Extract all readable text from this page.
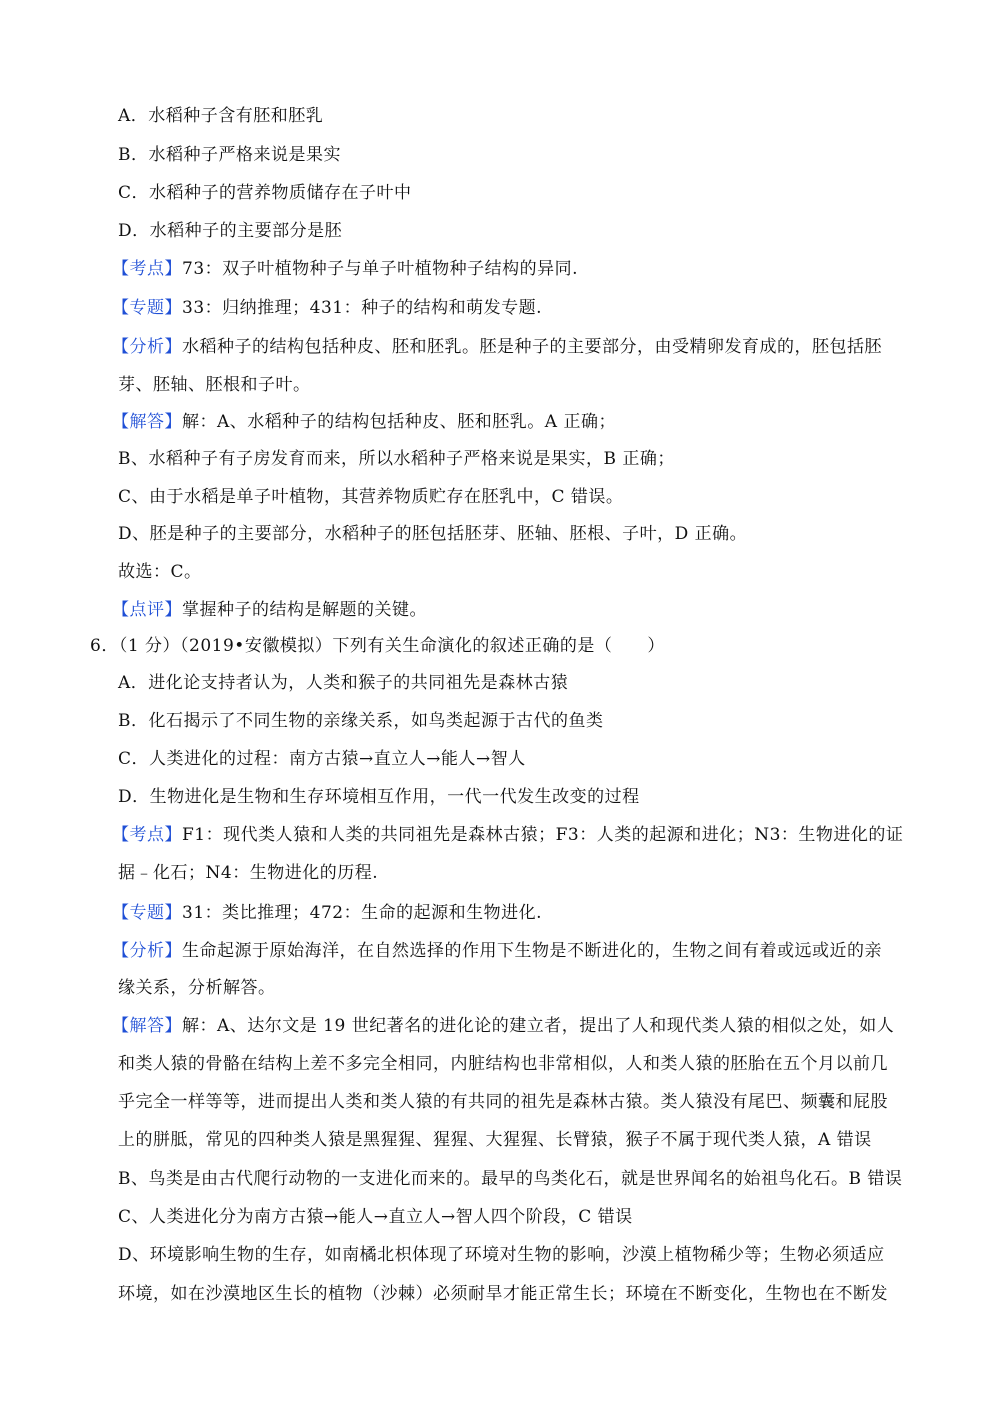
A．水稻种子含有胚和胚乳
B．水稻种子严格来说是果实
C．水稻种子的营养物质储存在子叶中
D．水稻种子的主要部分是胚
【考点】73：双子叶植物种子与单子叶植物种子结构的异同.
【专题】33：归纳推理；431：种子的结构和萌发专题.
【分析】水稻种子的结构包括种皮、胚和胚乳。胚是种子的主要部分，由受精卵发育成的，胚包括胚
芽、胚轴、胚根和子叶。
【解答】解：A、水稻种子的结构包括种皮、胚和胚乳。A 正确；
B、水稻种子有子房发育而来，所以水稻种子严格来说是果实，B 正确；
C、由于水稻是单子叶植物，其营养物质贮存在胚乳中，C 错误。
D、胚是种子的主要部分，水稻种子的胚包括胚芽、胚轴、胚根、子叶，D 正确。
故选：C。
【点评】掌握种子的结构是解题的关键。
6．（1 分）（2019•安徽模拟）下列有关生命演化的叙述正确的是（　　）
A．进化论支持者认为，人类和猴子的共同祖先是森林古猿
B．化石揭示了不同生物的亲缘关系，如鸟类起源于古代的鱼类
C．人类进化的过程：南方古猿→直立人→能人→智人
D．生物进化是生物和生存环境相互作用，一代一代发生改变的过程
【考点】F1：现代类人猿和人类的共同祖先是森林古猿；F3：人类的起源和进化；N3：生物进化的证
据﹣化石；N4：生物进化的历程.
【专题】31：类比推理；472：生命的起源和生物进化.
【分析】生命起源于原始海洋，在自然选择的作用下生物是不断进化的，生物之间有着或远或近的亲
缘关系，分析解答。
【解答】解：A、达尔文是 19 世纪著名的进化论的建立者，提出了人和现代类人猿的相似之处，如人
和类人猿的骨骼在结构上差不多完全相同，内脏结构也非常相似，人和类人猿的胚胎在五个月以前几
乎完全一样等等，进而提出人类和类人猿的有共同的祖先是森林古猿。类人猿没有尾巴、频囊和屁股
上的胼胝，常见的四种类人猿是黑猩猩、猩猩、大猩猩、长臂猿，猴子不属于现代类人猿，A 错误
B、鸟类是由古代爬行动物的一支进化而来的。最早的鸟类化石，就是世界闻名的始祖鸟化石。B 错误
C、人类进化分为南方古猿→能人→直立人→智人四个阶段，C 错误
D、环境影响生物的生存，如南橘北枳体现了环境对生物的影响，沙漠上植物稀少等；生物必须适应
环境，如在沙漠地区生长的植物（沙棘）必须耐旱才能正常生长；环境在不断变化，生物也在不断发
